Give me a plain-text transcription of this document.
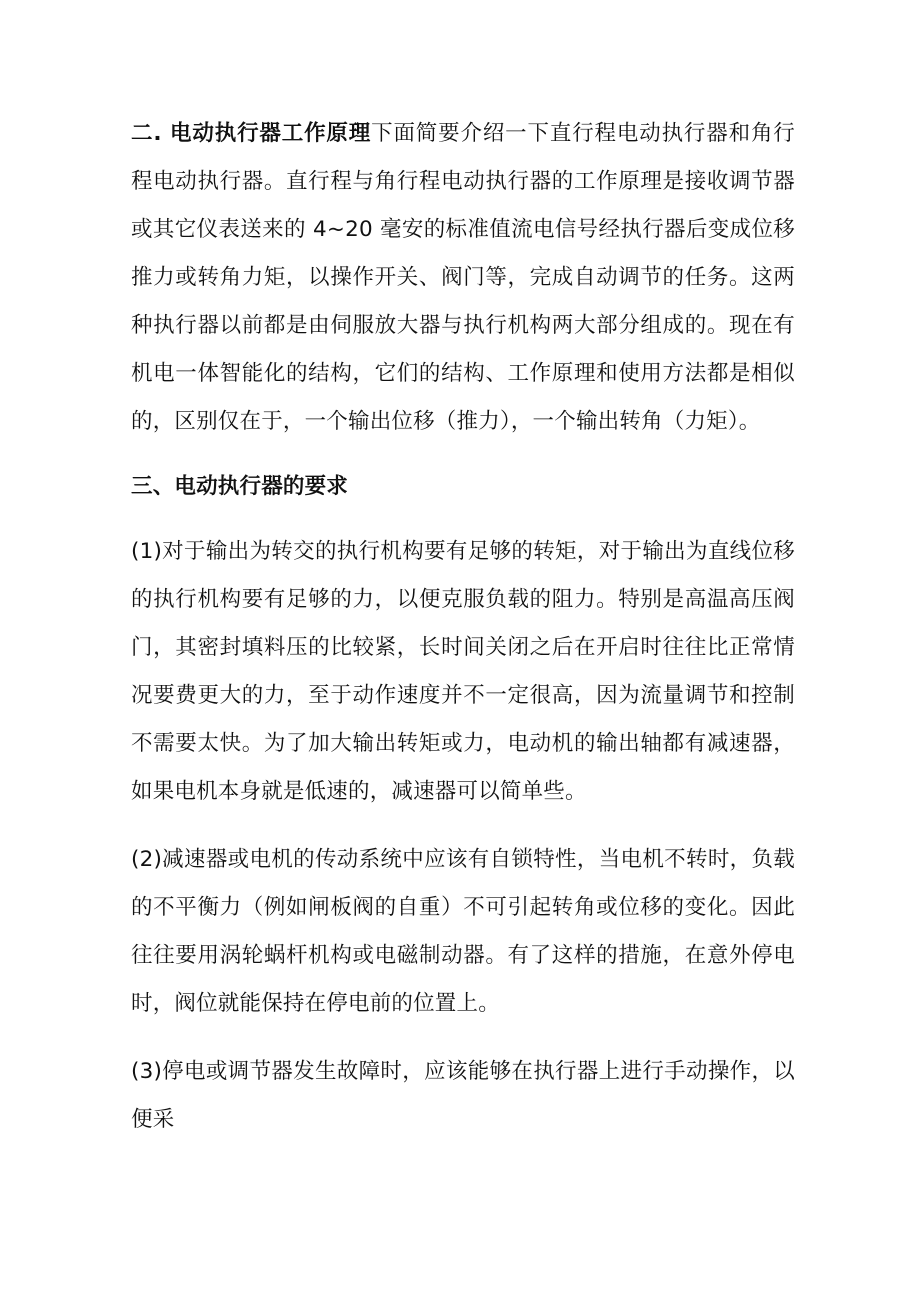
二. 电动执行器工作原理下面简要介绍一下直行程电动执行器和角行程电动执行器。直行程与角行程电动执行器的工作原理是接收调节器或其它仪表送来的 4~20 毫安的标准值流电信号经执行器后变成位移推力或转角力矩，以操作开关、阀门等，完成自动调节的任务。这两种执行器以前都是由伺服放大器与执行机构两大部分组成的。现在有机电一体智能化的结构，它们的结构、工作原理和使用方法都是相似的，区别仅在于，一个输出位移（推力），一个输出转角（力矩）。

三、电动执行器的要求

(1)对于输出为转交的执行机构要有足够的转矩，对于输出为直线位移的执行机构要有足够的力，以便克服负载的阻力。特别是高温高压阀门，其密封填料压的比较紧，长时间关闭之后在开启时往往比正常情况要费更大的力，至于动作速度并不一定很高，因为流量调节和控制不需要太快。为了加大输出转矩或力，电动机的输出轴都有减速器，如果电机本身就是低速的，减速器可以简单些。

(2)减速器或电机的传动系统中应该有自锁特性，当电机不转时，负载的不平衡力（例如闸板阀的自重）不可引起转角或位移的变化。因此往往要用涡轮蜗杆机构或电磁制动器。有了这样的措施，在意外停电时，阀位就能保持在停电前的位置上。

(3)停电或调节器发生故障时，应该能够在执行器上进行手动操作，以便采
